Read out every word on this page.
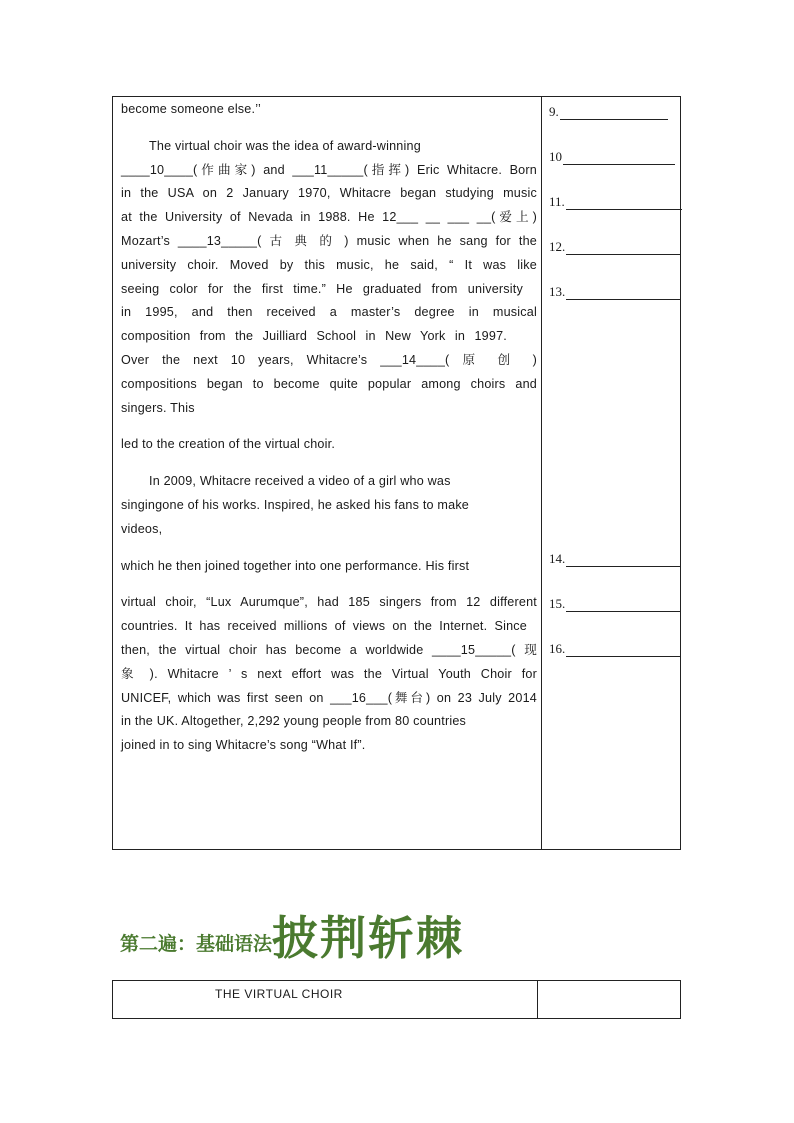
become someone else.’’

The virtual choir was the idea of award-winning

____10____(作曲家) and ___11_____(指挥) Eric Whitacre. Born

in the USA on 2 January 1970, Whitacre began studying music

at the University of Nevada in 1988. He 12___ __ ___ __(爱上)

Mozart’s ____13_____( 古 典 的 ) music when he sang for the

university choir. Moved by this music, he said, “ It was like

seeing color for the first time.” He graduated from university

in 1995, and then received a master’s degree in musical

composition from the Juilliard School in New York in 1997.

Over the next 10 years, Whitacre’s ___14____( 原 创 )

compositions began to become quite popular among choirs and

singers. This

led to the creation of the virtual choir.

In 2009, Whitacre received a video of a girl who was

singingone of his works. Inspired, he asked his fans to make

videos,

which he then joined together into one performance. His first

virtual choir, “Lux Aurumque”, had 185 singers from 12 different

countries. It has received millions of views on the Internet. Since

then, the virtual choir has become a worldwide ____15_____( 现

象 ). Whitacre ’ s next effort was the Virtual Youth Choir for

UNICEF, which was first seen on ___16___(舞台) on 23 July 2014

in the UK. Altogether, 2,292 young people from 80 countries

joined in to sing Whitacre’s song “What If”.

9.
10
11.
12.
13.
14.
15.
16.
第二遍：基础语法 披荆斩棘
THE VIRTUAL CHOIR
